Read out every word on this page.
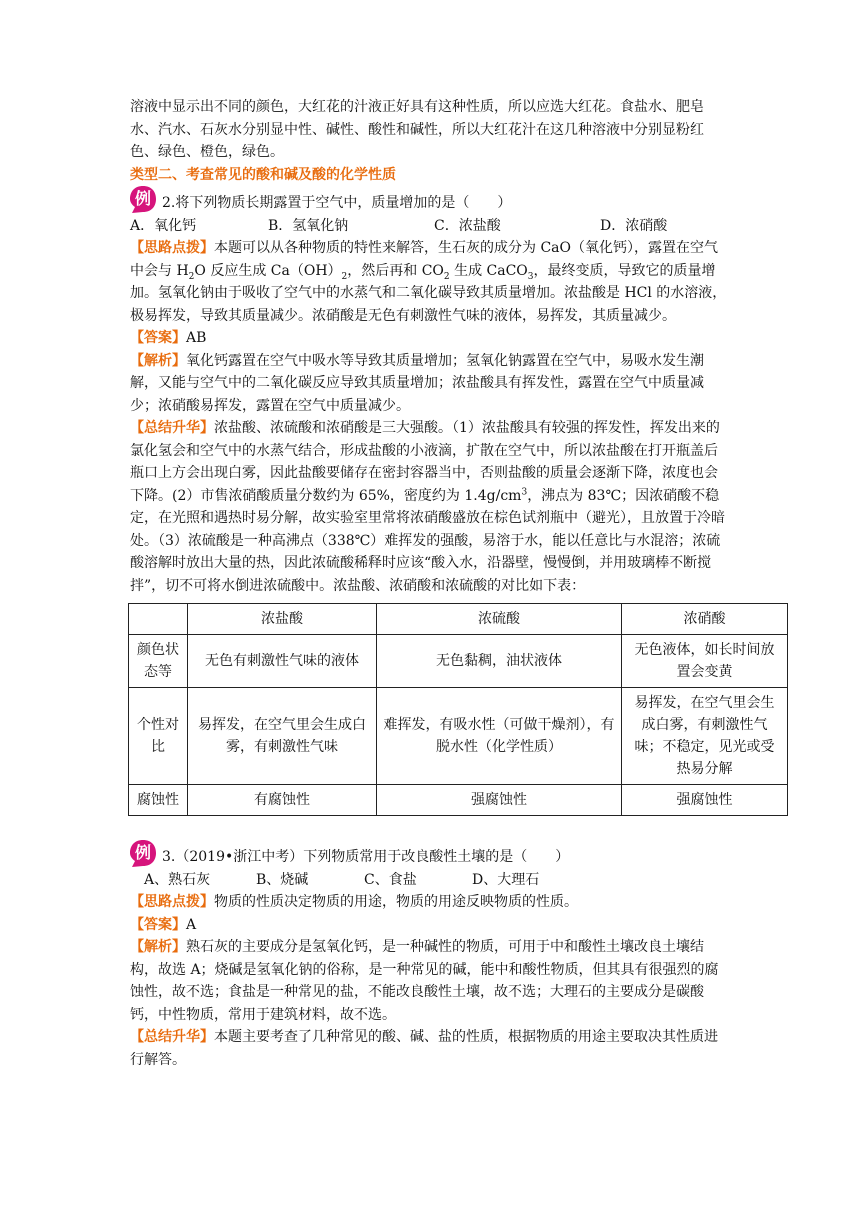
溶液中显示出不同的颜色，大红花的汁液正好具有这种性质，所以应选大红花。食盐水、肥皂水、汽水、石灰水分别显中性、碱性、酸性和碱性，所以大红花汁在这几种溶液中分别显粉红色、绿色、橙色，绿色。

类型二、考查常见的酸和碱及酸的化学性质

例 2.将下列物质长期露置于空气中，质量增加的是（　　）
A．氧化钙	B．氢氧化钠	C．浓盐酸	D．浓硝酸

【思路点拨】本题可以从各种物质的特性来解答，生石灰的成分为 CaO（氧化钙），露置在空气中会与 $H_2O$ 反应生成 $Ca(OH)_2$，然后再和 $CO_2$ 生成 CaCO$_3$，最终变质，导致它的质量增加。氢氧化钠由于吸收了空气中的水蒸气和二氧化碳导致其质量增加。浓盐酸是 HCl 的水溶液，极易挥发，导致其质量减少。浓硝酸是无色有刺激性气味的液体，易挥发，其质量减少。

【答案】AB

【解析】氧化钙露置在空气中吸水等导致其质量增加；氢氧化钠露置在空气中，易吸水发生潮解，又能与空气中的二氧化碳反应导致其质量增加；浓盐酸具有挥发性，露置在空气中质量减少；浓硝酸易挥发，露置在空气中质量减少。

【总结升华】浓盐酸、浓硫酸和浓硝酸是三大强酸。（1）浓盐酸具有较强的挥发性，挥发出来的氯化氢会和空气中的水蒸气结合，形成盐酸的小液滴，扩散在空气中，所以浓盐酸在打开瓶盖后瓶口上方会出现白雾，因此盐酸要储存在密封容器当中，否则盐酸的质量会逐渐下降，浓度也会下降。(2）市售浓硝酸质量分数约为 65%，密度约为 $1.4g/cm^3$，沸点为 83℃；因浓硝酸不稳定，在光照和遇热时易分解，故实验室里常将浓硝酸盛放在棕色试剂瓶中（避光），且放置于冷暗处。（3）浓硫酸是一种高沸点（338℃）难挥发的强酸，易溶于水，能以任意比与水混溶；浓硫酸溶解时放出大量的热，因此浓硫酸稀释时应该“酸入水，沿器壁，慢慢倒，并用玻璃棒不断搅拌”，切不可将水倒进浓硫酸中。浓盐酸、浓硝酸和浓硫酸的对比如下表：

	浓盐酸	浓硫酸	浓硝酸
颜色状态等	无色有刺激性气味的液体	无色黏稠，油状液体	无色液体，如长时间放置会变黄
个性对比	易挥发，在空气里会生成白雾，有刺激性气味	难挥发，有吸水性（可做干燥剂），有脱水性（化学性质）	易挥发，在空气里会生成白雾，有刺激性气味；不稳定，见光或受热易分解
腐蚀性	有腐蚀性	强腐蚀性	强腐蚀性
例 3.（2019•浙江中考）下列物质常用于改良酸性土壤的是（　　）
A、熟石灰	B、烧碱	C、食盐	D、大理石

【思路点拨】物质的性质决定物质的用途，物质的用途反映物质的性质。

【答案】A

【解析】熟石灰的主要成分是氢氧化钙，是一种碱性的物质，可用于中和酸性土壤改良土壤结构，故选 A；烧碱是氢氧化钠的俗称，是一种常见的碱，能中和酸性物质，但其具有很强烈的腐蚀性，故不选；食盐是一种常见的盐，不能改良酸性土壤，故不选；大理石的主要成分是碳酸钙，中性物质，常用于建筑材料，故不选。

【总结升华】本题主要考查了几种常见的酸、碱、盐的性质，根据物质的用途主要取决其性质进行解答。
